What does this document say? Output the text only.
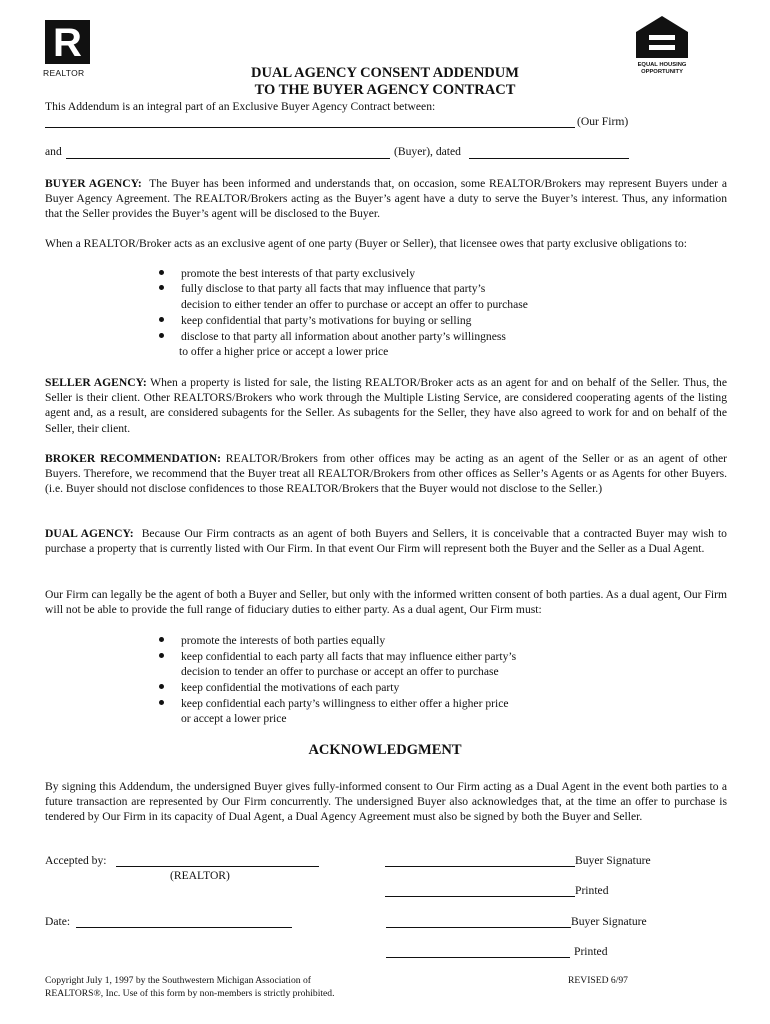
R
REALTOR
EQUAL HOUSING
OPPORTUNITY
DUAL AGENCY CONSENT ADDENDUM
TO THE BUYER AGENCY CONTRACT

This Addendum is an integral part of an Exclusive Buyer Agency Contract between:

(Our Firm)
and	(Buyer), dated

BUYER AGENCY: The Buyer has been informed and understands that, on occasion, some REALTOR/Brokers may represent Buyers under a Buyer Agency Agreement. The REALTOR/Brokers acting as the Buyer’s agent have a duty to serve the Buyer’s interest. Thus, any information that the Seller provides the Buyer’s agent will be disclosed to the Buyer.

When a REALTOR/Broker acts as an exclusive agent of one party (Buyer or Seller), that licensee owes that party exclusive obligations to:

promote the best interests of that party exclusively
fully disclose to that party all facts that may influence that party’s
decision to either tender an offer to purchase or accept an offer to purchase
keep confidential that party’s motivations for buying or selling
disclose to that party all information about another party’s willingness
to offer a higher price or accept a lower price

SELLER AGENCY: When a property is listed for sale, the listing REALTOR/Broker acts as an agent for and on behalf of the Seller. Thus, the Seller is their client. Other REALTORS/Brokers who work through the Multiple Listing Service, are considered cooperating agents of the listing agent and, as a result, are considered subagents for the Seller. As subagents for the Seller, they have also agreed to work for and on behalf of the Seller, their client.

BROKER RECOMMENDATION: REALTOR/Brokers from other offices may be acting as an agent of the Seller or as an agent of other Buyers. Therefore, we recommend that the Buyer treat all REALTOR/Brokers from other offices as Seller’s Agents or as Agents for other Buyers. (i.e. Buyer should not disclose confidences to those REALTOR/Brokers that the Buyer would not disclose to the Seller.)

DUAL AGENCY: Because Our Firm contracts as an agent of both Buyers and Sellers, it is conceivable that a contracted Buyer may wish to purchase a property that is currently listed with Our Firm. In that event Our Firm will represent both the Buyer and the Seller as a Dual Agent.

Our Firm can legally be the agent of both a Buyer and Seller, but only with the informed written consent of both parties. As a dual agent, Our Firm will not be able to provide the full range of fiduciary duties to either party. As a dual agent, Our Firm must:

promote the interests of both parties equally
keep confidential to each party all facts that may influence either party’s
decision to tender an offer to purchase or accept an offer to purchase
keep confidential the motivations of each party
keep confidential each party’s willingness to either offer a higher price
or accept a lower price
ACKNOWLEDGMENT

By signing this Addendum, the undersigned Buyer gives fully-informed consent to Our Firm acting as a Dual Agent in the event both parties to a future transaction are represented by Our Firm concurrently. The undersigned Buyer also acknowledges that, at the time an offer to purchase is tendered by Our Firm in its capacity of Dual Agent, a Dual Agency Agreement must also be signed by both the Buyer and Seller.

Accepted by:
(REALTOR)
Buyer Signature
Printed
Date:	Buyer Signature
Printed
Copyright July 1, 1997 by the Southwestern Michigan Association of
REALTORS®, Inc. Use of this form by non-members is strictly prohibited.
REVISED 6/97
